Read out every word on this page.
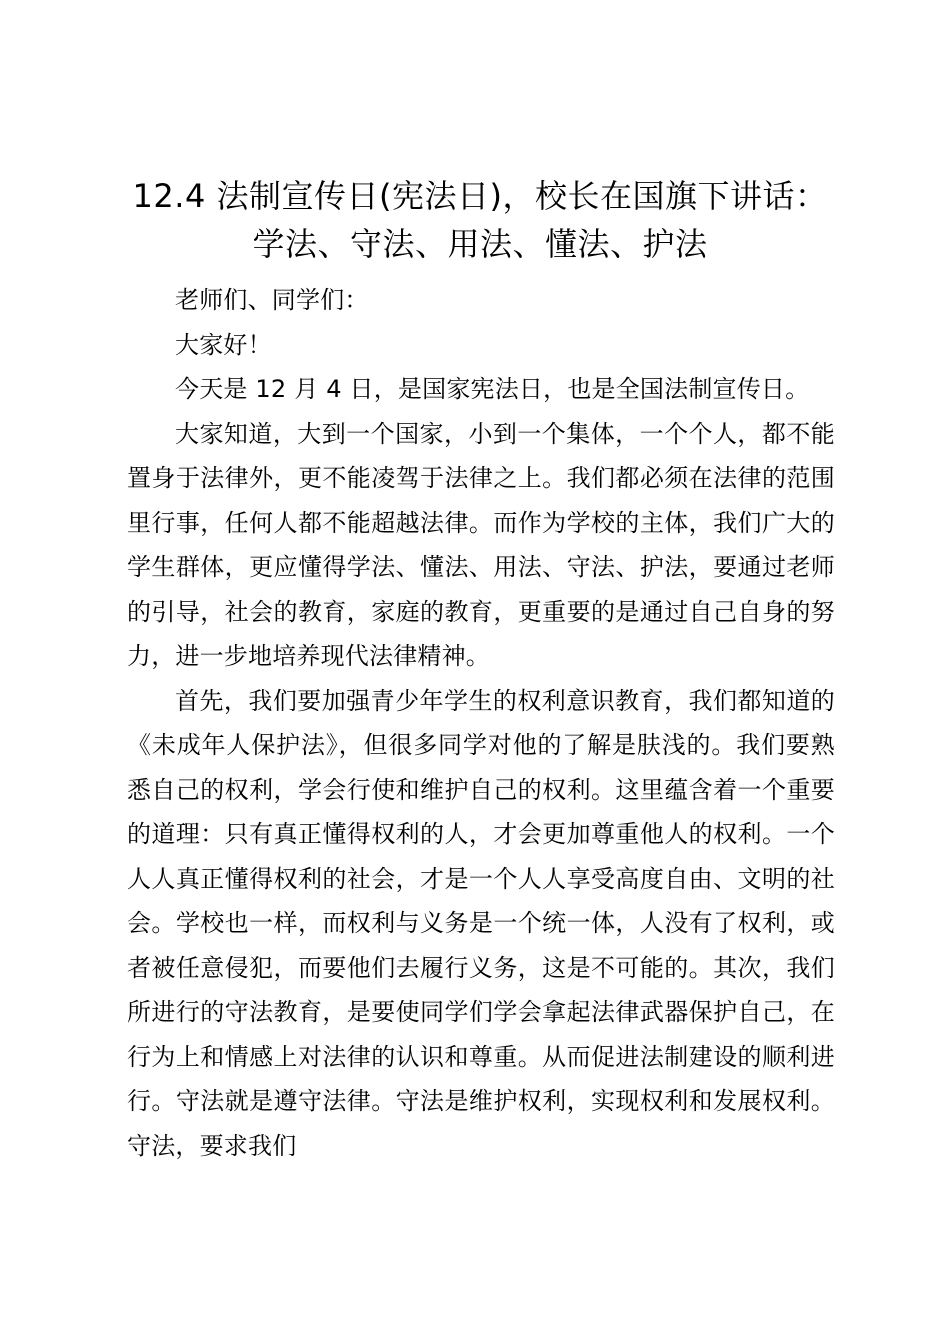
12.4 法制宣传日(宪法日)，校长在国旗下讲话：学法、守法、用法、懂法、护法

老师们、同学们：

大家好！

今天是 12 月 4 日，是国家宪法日，也是全国法制宣传日。

大家知道，大到一个国家，小到一个集体，一个个人，都不能置身于法律外，更不能凌驾于法律之上。我们都必须在法律的范围里行事，任何人都不能超越法律。而作为学校的主体，我们广大的学生群体，更应懂得学法、懂法、用法、守法、护法，要通过老师的引导，社会的教育，家庭的教育，更重要的是通过自己自身的努力，进一步地培养现代法律精神。

首先，我们要加强青少年学生的权利意识教育，我们都知道的《未成年人保护法》，但很多同学对他的了解是肤浅的。我们要熟悉自己的权利，学会行使和维护自己的权利。这里蕴含着一个重要的道理：只有真正懂得权利的人，才会更加尊重他人的权利。一个人人真正懂得权利的社会，才是一个人人享受高度自由、文明的社会。学校也一样，而权利与义务是一个统一体，人没有了权利，或者被任意侵犯，而要他们去履行义务，这是不可能的。其次，我们所进行的守法教育，是要使同学们学会拿起法律武器保护自己，在行为上和情感上对法律的认识和尊重。从而促进法制建设的顺利进行。守法就是遵守法律。守法是维护权利，实现权利和发展权利。守法，要求我们
